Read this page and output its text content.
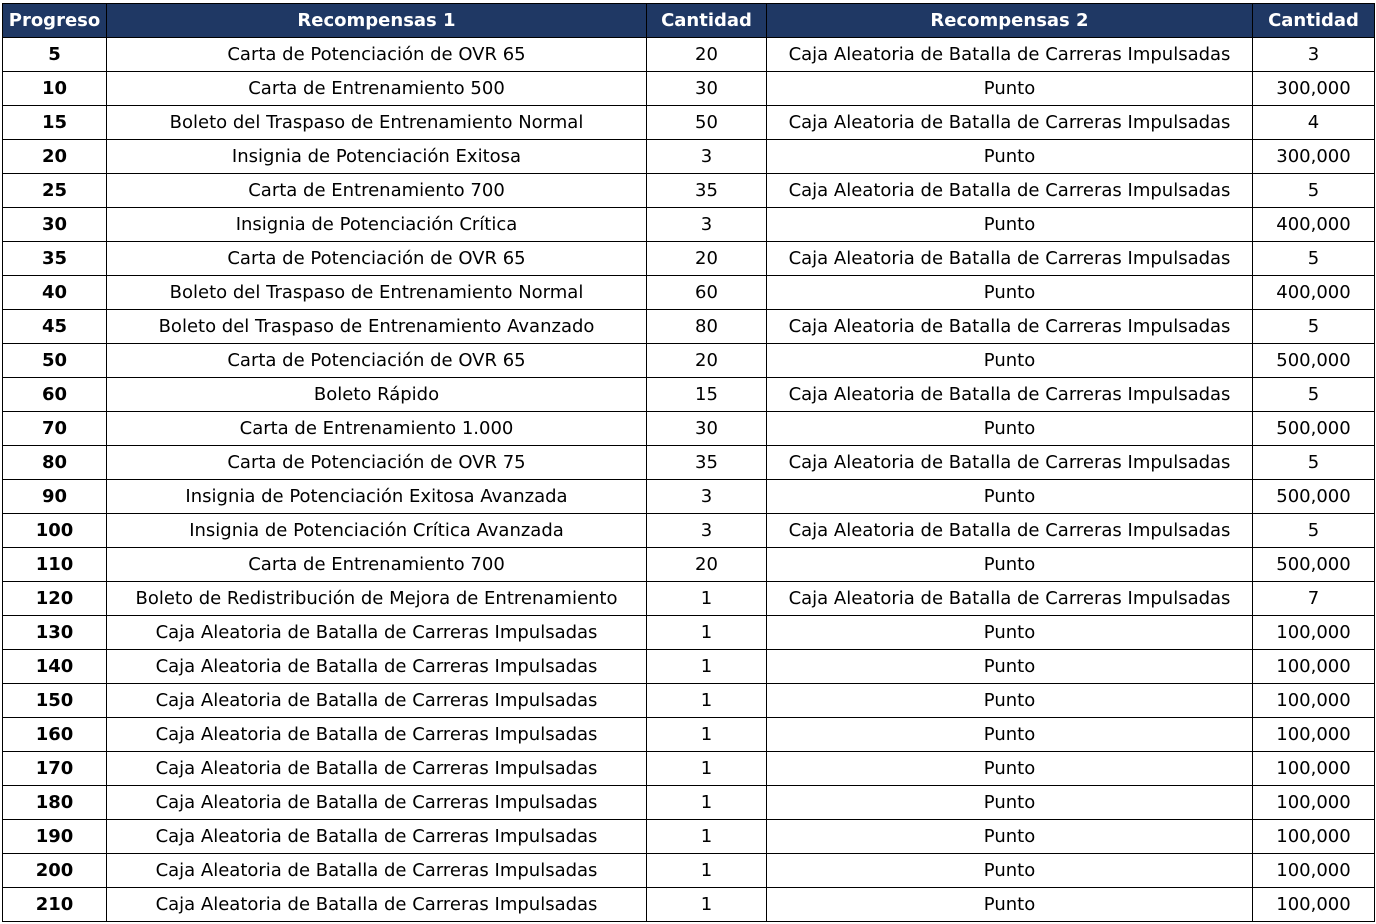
Progreso	Recompensas 1	Cantidad	Recompensas 2	Cantidad
5	Carta de Potenciación de OVR 65	20	Caja Aleatoria de Batalla de Carreras Impulsadas	3
10	Carta de Entrenamiento 500	30	Punto	300,000
15	Boleto del Traspaso de Entrenamiento Normal	50	Caja Aleatoria de Batalla de Carreras Impulsadas	4
20	Insignia de Potenciación Exitosa	3	Punto	300,000
25	Carta de Entrenamiento 700	35	Caja Aleatoria de Batalla de Carreras Impulsadas	5
30	Insignia de Potenciación Crítica	3	Punto	400,000
35	Carta de Potenciación de OVR 65	20	Caja Aleatoria de Batalla de Carreras Impulsadas	5
40	Boleto del Traspaso de Entrenamiento Normal	60	Punto	400,000
45	Boleto del Traspaso de Entrenamiento Avanzado	80	Caja Aleatoria de Batalla de Carreras Impulsadas	5
50	Carta de Potenciación de OVR 65	20	Punto	500,000
60	Boleto Rápido	15	Caja Aleatoria de Batalla de Carreras Impulsadas	5
70	Carta de Entrenamiento 1.000	30	Punto	500,000
80	Carta de Potenciación de OVR 75	35	Caja Aleatoria de Batalla de Carreras Impulsadas	5
90	Insignia de Potenciación Exitosa Avanzada	3	Punto	500,000
100	Insignia de Potenciación Crítica Avanzada	3	Caja Aleatoria de Batalla de Carreras Impulsadas	5
110	Carta de Entrenamiento 700	20	Punto	500,000
120	Boleto de Redistribución de Mejora de Entrenamiento	1	Caja Aleatoria de Batalla de Carreras Impulsadas	7
130	Caja Aleatoria de Batalla de Carreras Impulsadas	1	Punto	100,000
140	Caja Aleatoria de Batalla de Carreras Impulsadas	1	Punto	100,000
150	Caja Aleatoria de Batalla de Carreras Impulsadas	1	Punto	100,000
160	Caja Aleatoria de Batalla de Carreras Impulsadas	1	Punto	100,000
170	Caja Aleatoria de Batalla de Carreras Impulsadas	1	Punto	100,000
180	Caja Aleatoria de Batalla de Carreras Impulsadas	1	Punto	100,000
190	Caja Aleatoria de Batalla de Carreras Impulsadas	1	Punto	100,000
200	Caja Aleatoria de Batalla de Carreras Impulsadas	1	Punto	100,000
210	Caja Aleatoria de Batalla de Carreras Impulsadas	1	Punto	100,000
